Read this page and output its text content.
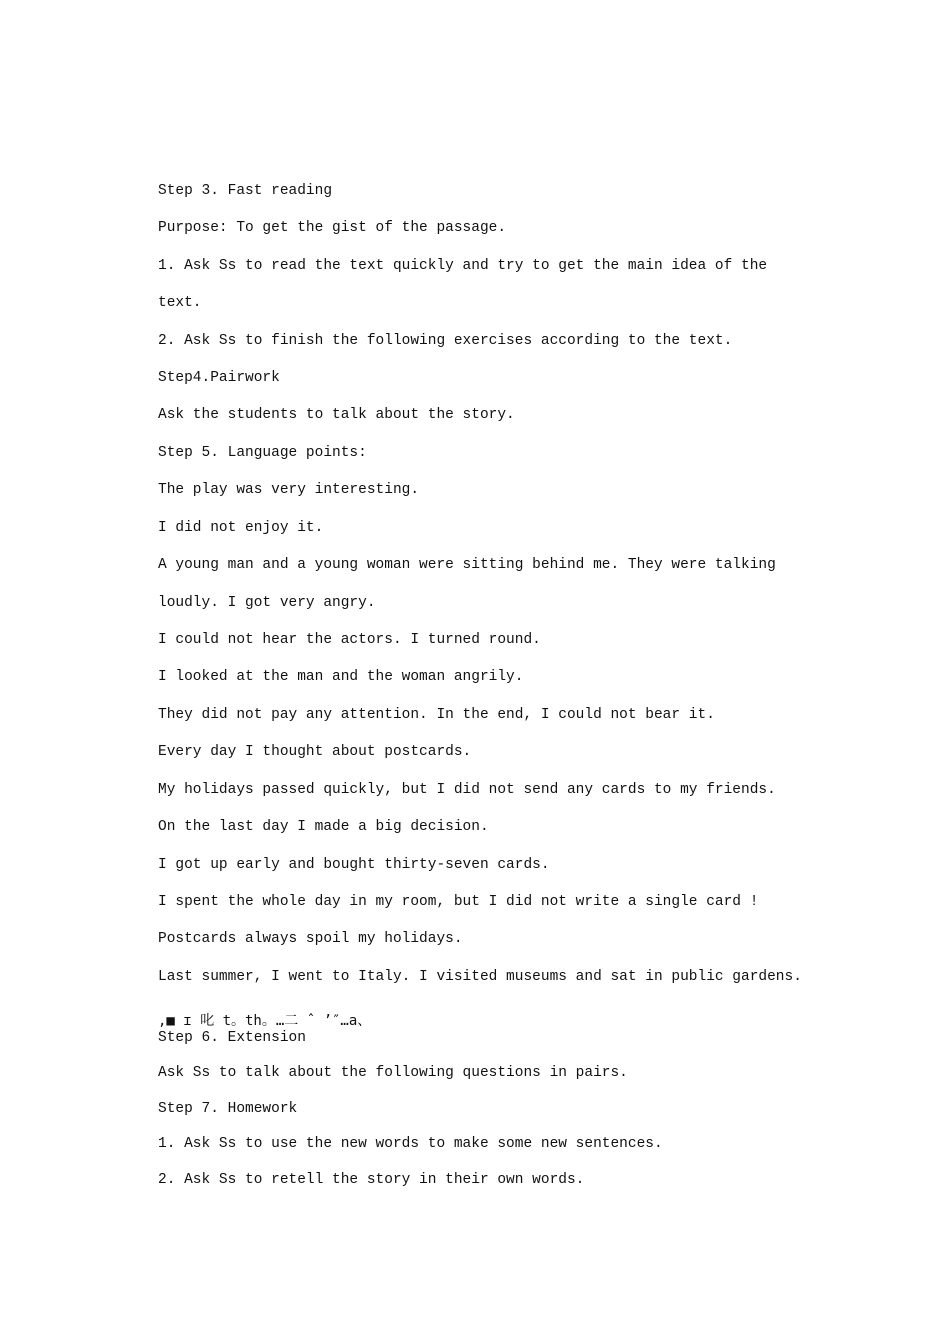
Step 3. Fast reading
Purpose: To get the gist of the passage.
1. Ask Ss to read the text quickly and try to get the main idea of the
text.
2. Ask Ss to finish the following exercises according to the text.
Step4.Pairwork
Ask the students to talk about the story.
Step 5. Language points:
The play was very interesting.
I did not enjoy it.
A young man and a young woman were sitting behind me. They were talking
loudly. I got very angry.
I could not hear the actors. I turned round.
I looked at the man and the woman angrily.
They did not pay any attention. In the end, I could not bear it.
Every day I thought about postcards.
My holidays passed quickly, but I did not send any cards to my friends.
On the last day I made a big decision.
I got up early and bought thirty-seven cards.
I spent the whole day in my room, but I did not write a single card !
Postcards always spoil my holidays.
Last summer, I went to Italy. I visited museums and sat in public gardens.
,■ ɪ 叱 t。th。…二 ˆ ’″…a、
Step 6. Extension
Ask Ss to talk about the following questions in pairs.
Step 7. Homework
1. Ask Ss to use the new words to make some new sentences.
2. Ask Ss to retell the story in their own words.
